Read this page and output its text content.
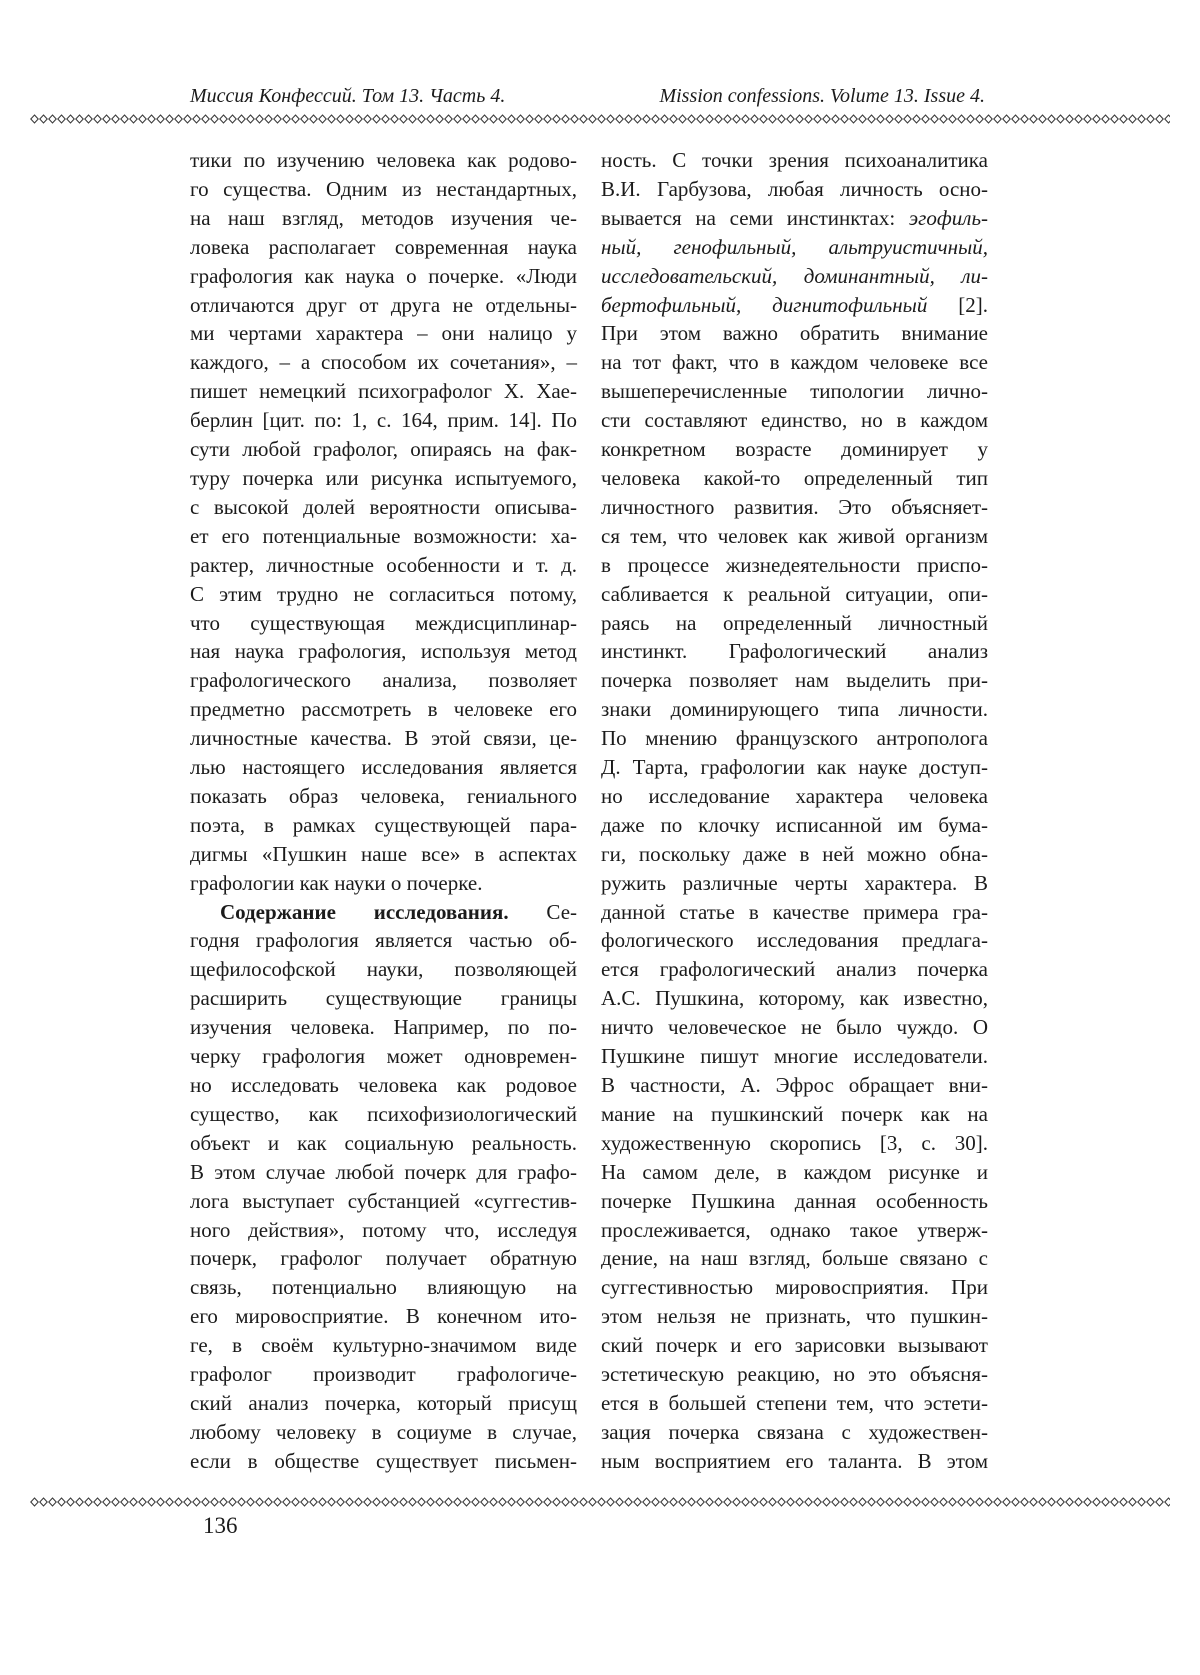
Миссия Конфессий. Том 13. Часть 4.	Mission confessions. Volume 13. Issue 4.
тики по изучению человека как родово-
го существа. Одним из нестандартных,
на наш взгляд, методов изучения че-
ловека располагает современная наука
графология как наука о почерке. «Люди
отличаются друг от друга не отдельны-
ми чертами характера – они налицо у
каждого, – а способом их сочетания», –
пишет немецкий психографолог Х. Хае-
берлин [цит. по: 1, с. 164, прим. 14]. По
сути любой графолог, опираясь на фак-
туру почерка или рисунка испытуемого,
с высокой долей вероятности описыва-
ет его потенциальные возможности: ха-
рактер, личностные особенности и т. д.
С этим трудно не согласиться потому,
что существующая междисциплинар-
ная наука графология, используя метод
графологического анализа, позволяет
предметно рассмотреть в человеке его
личностные качества. В этой связи, це-
лью настоящего исследования является
показать образ человека, гениального
поэта, в рамках существующей пара-
дигмы «Пушкин наше все» в аспектах
графологии как науки о почерке.
Содержание исследования. Се-
годня графология является частью об-
щефилософской науки, позволяющей
расширить существующие границы
изучения человека. Например, по по-
черку графология может одновремен-
но исследовать человека как родовое
существо, как психофизиологический
объект и как социальную реальность.
В этом случае любой почерк для графо-
лога выступает субстанцией «суггестив-
ного действия», потому что, исследуя
почерк, графолог получает обратную
связь, потенциально влияющую на
его мировосприятие. В конечном ито-
ге, в своём культурно-значимом виде
графолог производит графологиче-
ский анализ почерка, который присущ
любому человеку в социуме в случае,
если в обществе существует письмен-
ность. С точки зрения психоаналитика
В.И. Гарбузова, любая личность осно-
вывается на семи инстинктах: эгофиль-
ный, генофильный, альтруистичный,
исследовательский, доминантный, ли-
бертофильный, дигнитофильный [2].
При этом важно обратить внимание
на тот факт, что в каждом человеке все
вышеперечисленные типологии лично-
сти составляют единство, но в каждом
конкретном возрасте доминирует у
человека какой-то определенный тип
личностного развития. Это объясняет-
ся тем, что человек как живой организм
в процессе жизнедеятельности приспо-
сабливается к реальной ситуации, опи-
раясь на определенный личностный
инстинкт. Графологический анализ
почерка позволяет нам выделить при-
знаки доминирующего типа личности.
По мнению французского антрополога
Д. Тарта, графологии как науке доступ-
но исследование характера человека
даже по клочку исписанной им бума-
ги, поскольку даже в ней можно обна-
ружить различные черты характера. В
данной статье в качестве примера гра-
фологического исследования предлага-
ется графологический анализ почерка
А.С. Пушкина, которому, как известно,
ничто человеческое не было чуждо. О
Пушкине пишут многие исследователи.
В частности, А. Эфрос обращает вни-
мание на пушкинский почерк как на
художественную скоропись [3, с. 30].
На самом деле, в каждом рисунке и
почерке Пушкина данная особенность
прослеживается, однако такое утверж-
дение, на наш взгляд, больше связано с
суггестивностью мировосприятия. При
этом нельзя не признать, что пушкин-
ский почерк и его зарисовки вызывают
эстетическую реакцию, но это объясня-
ется в большей степени тем, что эстети-
зация почерка связана с художествен-
ным восприятием его таланта. В этом
136
